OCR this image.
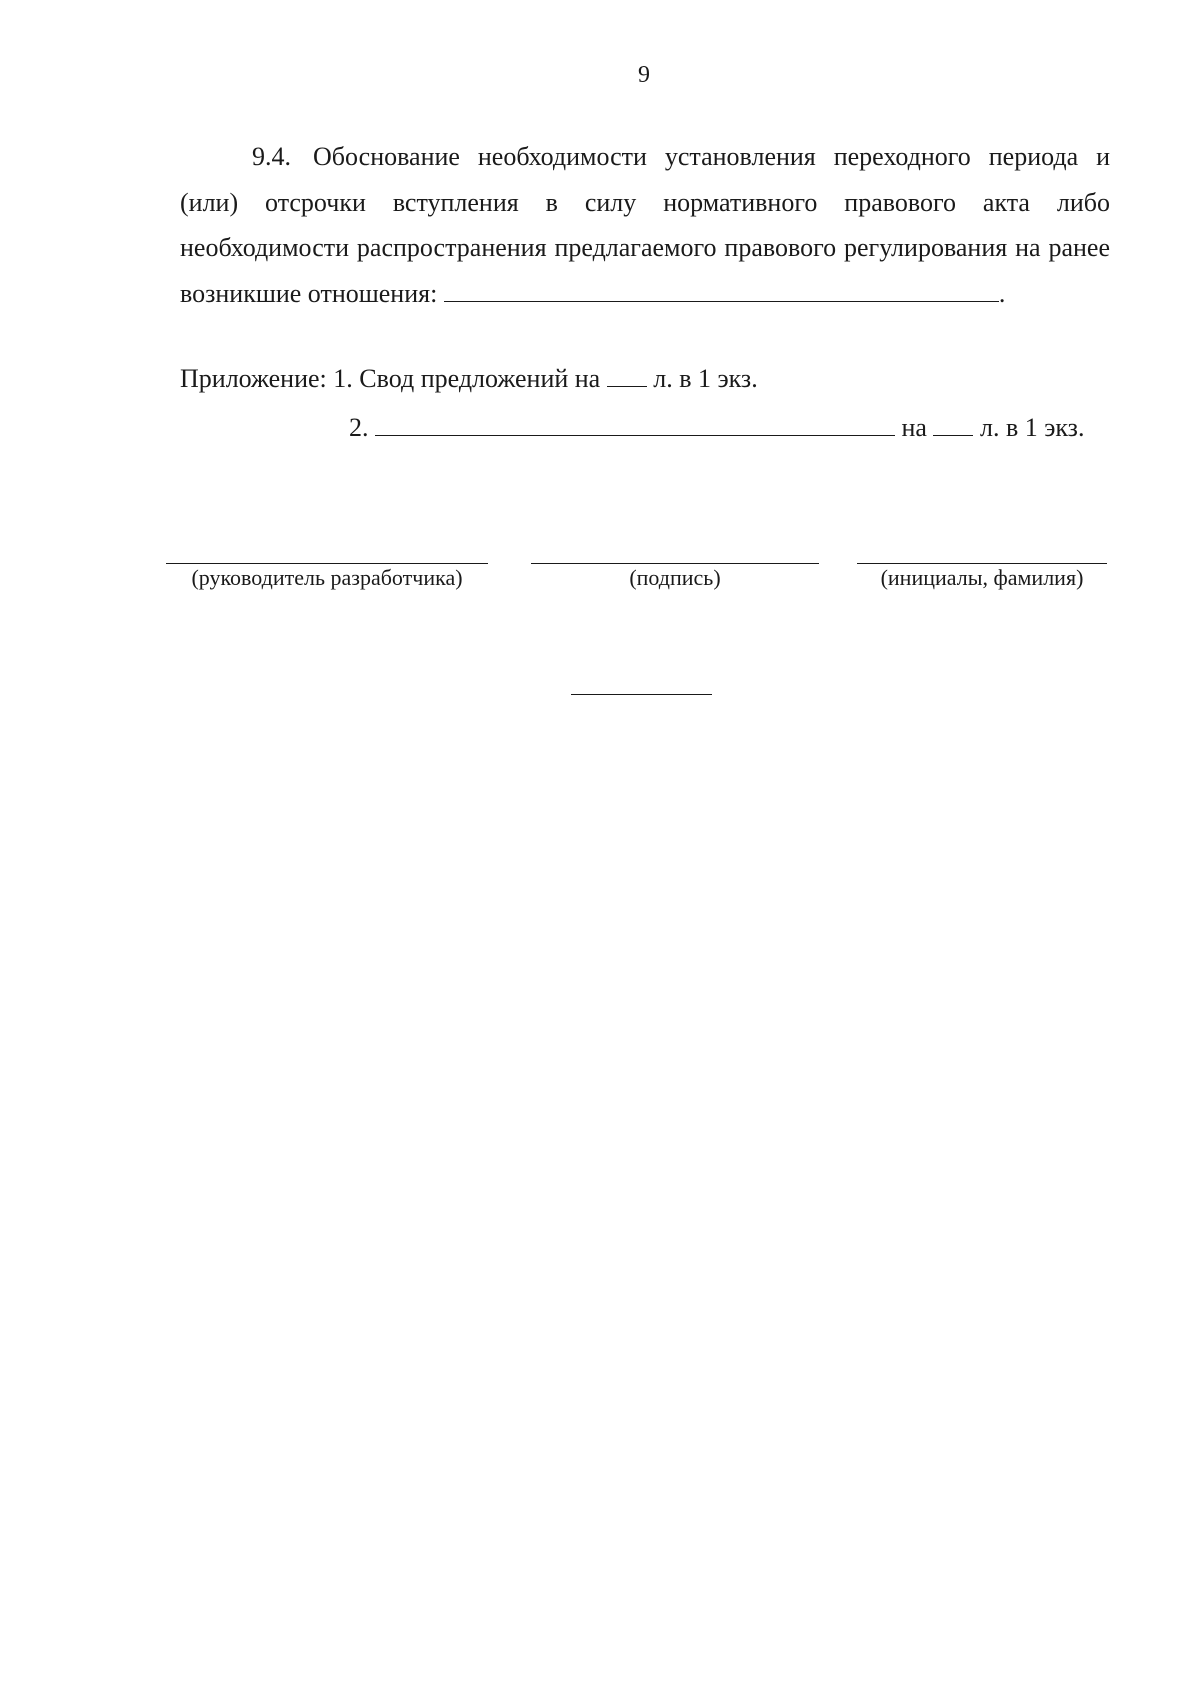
9
9.4. Обоснование необходимости установления переходного периода и (или) отсрочки вступления в силу нормативного правового акта либо необходимости распространения предлагаемого правового регулирования на ранее возникшие отношения:	.
Приложение: 1. Свод предложений на л. в 1 экз.
2.	на л. в 1 экз.
(руководитель разработчика)	(подпись)	(инициалы, фамилия)
